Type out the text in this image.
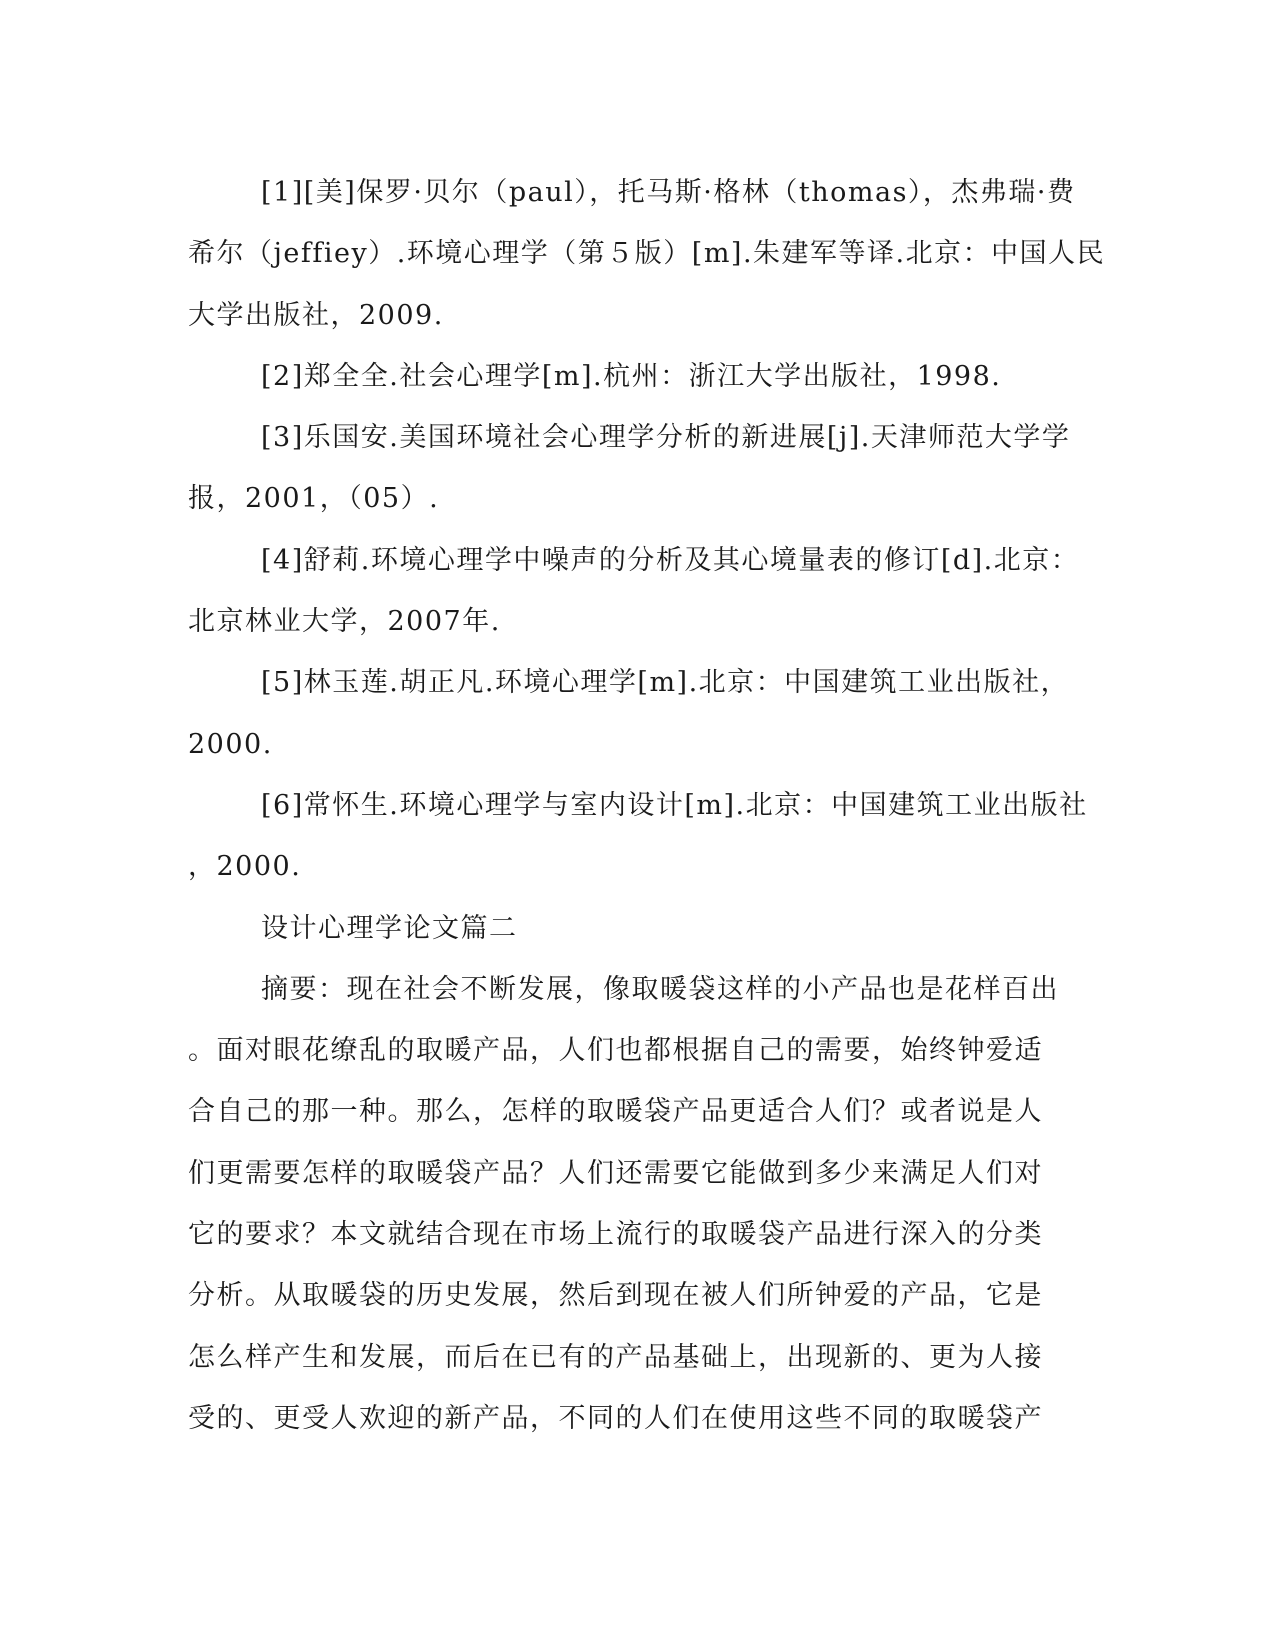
[1][美]保罗·贝尔（paul），托马斯·格林（thomas），杰弗瑞·费
希尔（jeffiey）.环境心理学（第５版）[m].朱建军等译.北京：中国人民
大学出版社，2009.
[2]郑全全.社会心理学[m].杭州：浙江大学出版社，1998.
[3]乐国安.美国环境社会心理学分析的新进展[j].天津师范大学学
报，2001，（05）.
[4]舒莉.环境心理学中噪声的分析及其心境量表的修订[d].北京：
北京林业大学，2007年.
[5]林玉莲.胡正凡.环境心理学[m].北京：中国建筑工业出版社，
2000.
[6]常怀生.环境心理学与室内设计[m].北京：中国建筑工业出版社
，2000.
设计心理学论文篇二
摘要：现在社会不断发展，像取暖袋这样的小产品也是花样百出
。面对眼花缭乱的取暖产品，人们也都根据自己的需要，始终钟爱适
合自己的那一种。那么，怎样的取暖袋产品更适合人们？或者说是人
们更需要怎样的取暖袋产品？人们还需要它能做到多少来满足人们对
它的要求？本文就结合现在市场上流行的取暖袋产品进行深入的分类
分析。从取暖袋的历史发展，然后到现在被人们所钟爱的产品，它是
怎么样产生和发展，而后在已有的产品基础上，出现新的、更为人接
受的、更受人欢迎的新产品，不同的人们在使用这些不同的取暖袋产
